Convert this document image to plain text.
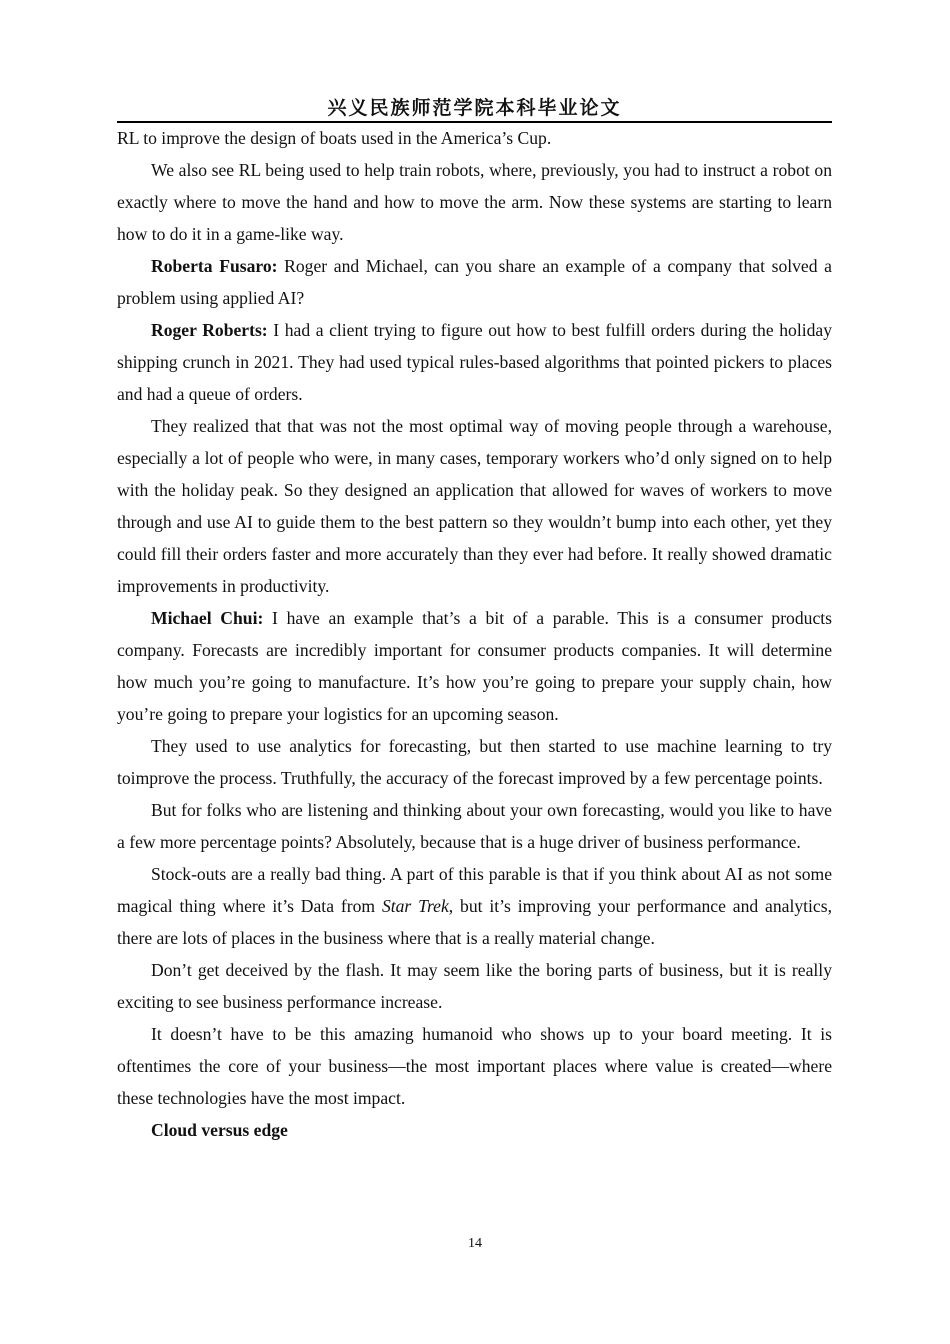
兴义民族师范学院本科毕业论文

RL to improve the design of boats used in the America’s Cup.

We also see RL being used to help train robots, where, previously, you had to instruct a robot on exactly where to move the hand and how to move the arm. Now these systems are starting to learn how to do it in a game-like way.

Roberta Fusaro: Roger and Michael, can you share an example of a company that solved a problem using applied AI?

Roger Roberts: I had a client trying to figure out how to best fulfill orders during the holiday shipping crunch in 2021. They had used typical rules-based algorithms that pointed pickers to places and had a queue of orders.

They realized that that was not the most optimal way of moving people through a warehouse, especially a lot of people who were, in many cases, temporary workers who’d only signed on to help with the holiday peak. So they designed an application that allowed for waves of workers to move through and use AI to guide them to the best pattern so they wouldn’t bump into each other, yet they could fill their orders faster and more accurately than they ever had before. It really showed dramatic improvements in productivity.

Michael Chui: I have an example that’s a bit of a parable. This is a consumer products company. Forecasts are incredibly important for consumer products companies. It will determine how much you’re going to manufacture. It’s how you’re going to prepare your supply chain, how you’re going to prepare your logistics for an upcoming season.

They used to use analytics for forecasting, but then started to use machine learning to try toimprove the process. Truthfully, the accuracy of the forecast improved by a few percentage points.

But for folks who are listening and thinking about your own forecasting, would you like to have a few more percentage points? Absolutely, because that is a huge driver of business performance.

Stock-outs are a really bad thing. A part of this parable is that if you think about AI as not some magical thing where it’s Data from Star Trek, but it’s improving your performance and analytics, there are lots of places in the business where that is a really material change.

Don’t get deceived by the flash. It may seem like the boring parts of business, but it is really exciting to see business performance increase.

It doesn’t have to be this amazing humanoid who shows up to your board meeting. It is oftentimes the core of your business—the most important places where value is created—where these technologies have the most impact.

Cloud versus edge

14
